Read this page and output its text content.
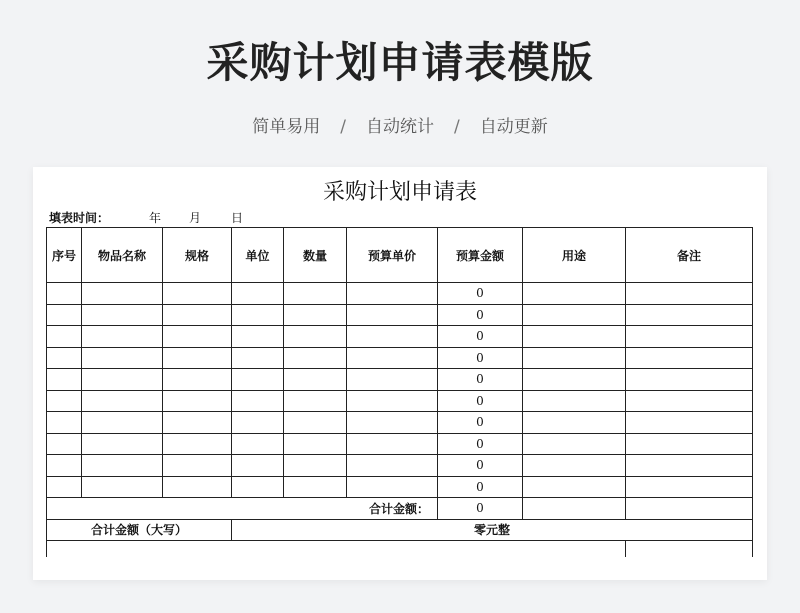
采购计划申请表模版
简单易用 / 自动统计 / 自动更新
采购计划申请表
填表时间：	年 月	日
序号	物品名称	规格	单位	数量	预算单价	预算金额	用途	备注
						0		
						0		
						0		
						0		
						0		
						0		
						0		
						0		
						0		
						0		
合计金额：						0		
合计金额（大写）			零元整					
